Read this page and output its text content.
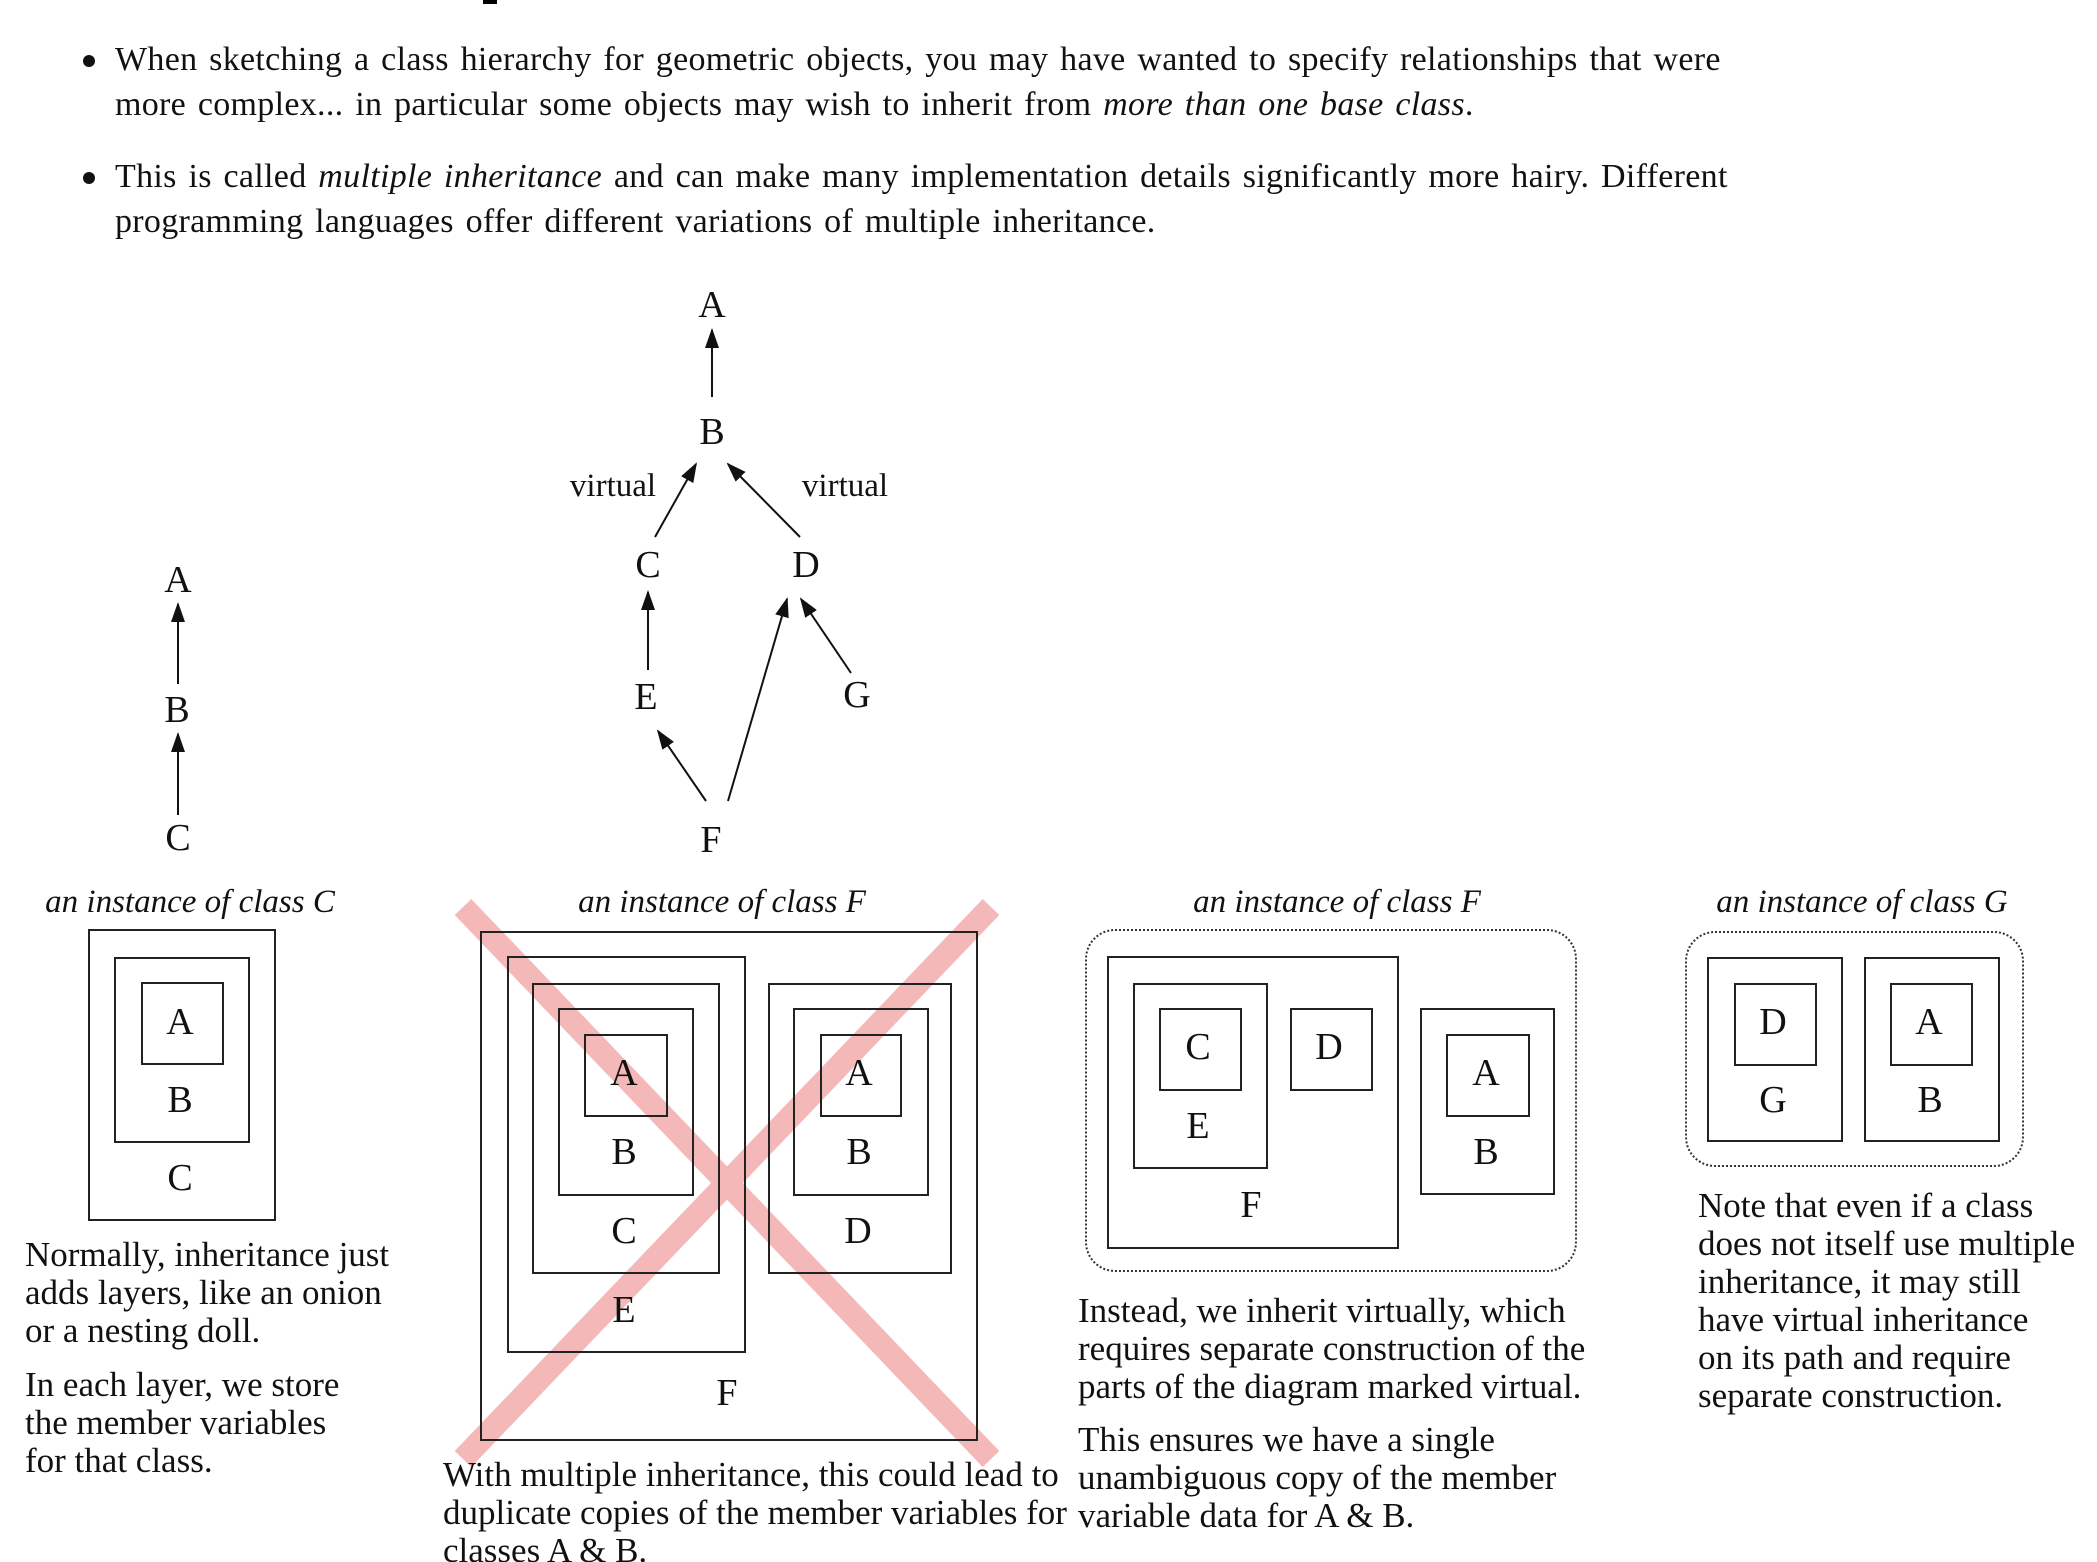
When sketching a class hierarchy for geometric objects, you may have wanted to specify relationships that were
more complex... in particular some objects may wish to inherit from more than one base class.
This is called multiple inheritance and can make many implementation details significantly more hairy. Different
programming languages offer different variations of multiple inheritance.
A
B
C
A
B
virtual	virtual
C	D
E	G
F
an instance of class C
A
B
C
Normally, inheritance just
adds layers, like an onion
or a nesting doll.
In each layer, we store
the member variables
for that class.
an instance of class F
A
B
C
E
F
A
B
D
With multiple inheritance, this could lead to
duplicate copies of the member variables for
classes A & B.
an instance of class F
C	D
E
F
A
B
Instead, we inherit virtually, which
requires separate construction of the
parts of the diagram marked virtual.
This ensures we have a single
unambiguous copy of the member
variable data for A & B.
an instance of class G
D
G
A
B
Note that even if a class
does not itself use multiple
inheritance, it may still
have virtual inheritance
on its path and require
separate construction.
